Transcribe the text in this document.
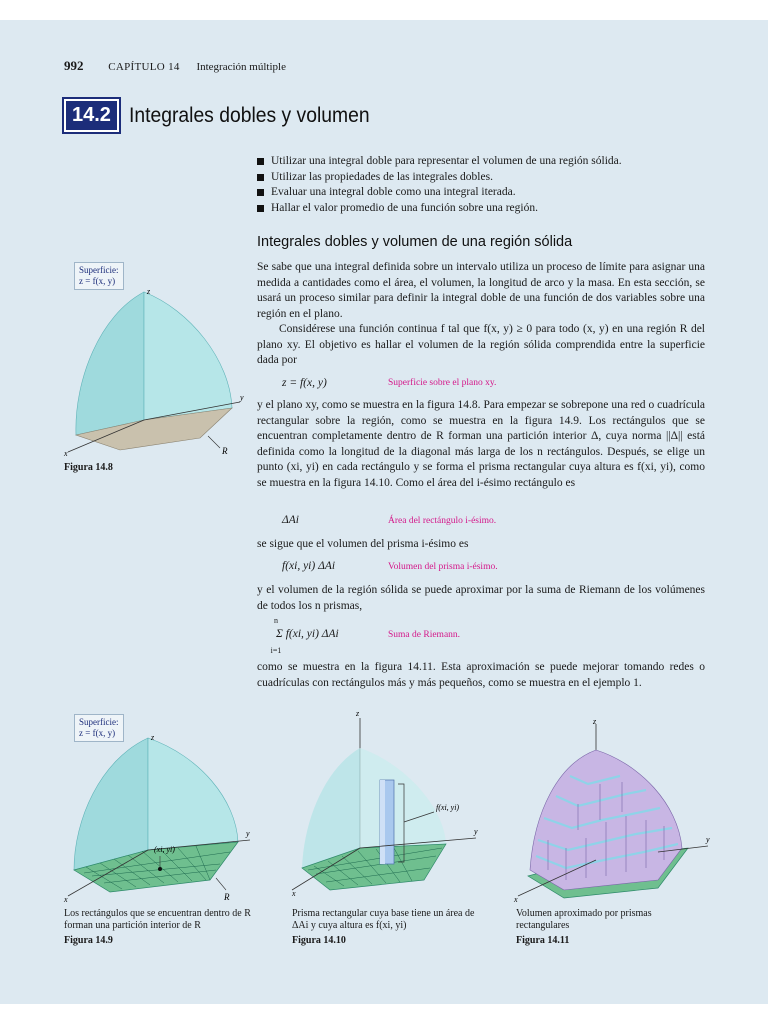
992 CAPÍTULO 14 Integración múltiple
14.2 Integrales dobles y volumen
Utilizar una integral doble para representar el volumen de una región sólida.
Utilizar las propiedades de las integrales dobles.
Evaluar una integral doble como una integral iterada.
Hallar el valor promedio de una función sobre una región.
Integrales dobles y volumen de una región sólida

Se sabe que una integral definida sobre un intervalo utiliza un proceso de límite para asignar una medida a cantidades como el área, el volumen, la longitud de arco y la masa. En esta sección, se usará un proceso similar para definir la integral doble de una función de dos variables sobre una región en el plano.

Considérese una función continua f tal que f(x, y) ≥ 0 para todo (x, y) en una región R del plano xy. El objetivo es hallar el volumen de la región sólida comprendida entre la superficie dada por

z = f(x, y)	Superficie sobre el plano xy.

y el plano xy, como se muestra en la figura 14.8. Para empezar se sobrepone una red o cuadrícula rectangular sobre la región, como se muestra en la figura 14.9. Los rectángulos que se encuentran completamente dentro de R forman una partición interior Δ, cuya norma ||Δ|| está definida como la longitud de la diagonal más larga de los n rectángulos. Después, se elige un punto (xi, yi) en cada rectángulo y se forma el prisma rectangular cuya altura es f(xi, yi), como se muestra en la figura 14.10. Como el área del i-ésimo rectángulo es

ΔAi	Área del rectángulo i-ésimo.

se sigue que el volumen del prisma i-ésimo es

f(xi, yi) ΔAi	Volumen del prisma i-ésimo.

y el volumen de la región sólida se puede aproximar por la suma de Riemann de los volúmenes de todos los n prismas,

n
Σ f(xi, yi) ΔAi
i=1
Suma de Riemann.

como se muestra en la figura 14.11. Esta aproximación se puede mejorar tomando redes o cuadrículas con rectángulos más y más pequeños, como se muestra en el ejemplo 1.

Superficie:
z = f(x, y)
z
y
x	R
Figura 14.8
Superficie:
z = f(x, y)	z
y
x	R
(xi, yi)
Los rectángulos que se encuentran dentro de R forman una partición interior de R
Figura 14.9
z
y
x
f(xi, yi)
Prisma rectangular cuya base tiene un área de ΔAi y cuya altura es f(xi, yi)
Figura 14.10
z
y
x
Volumen aproximado por prismas rectangulares
Figura 14.11
